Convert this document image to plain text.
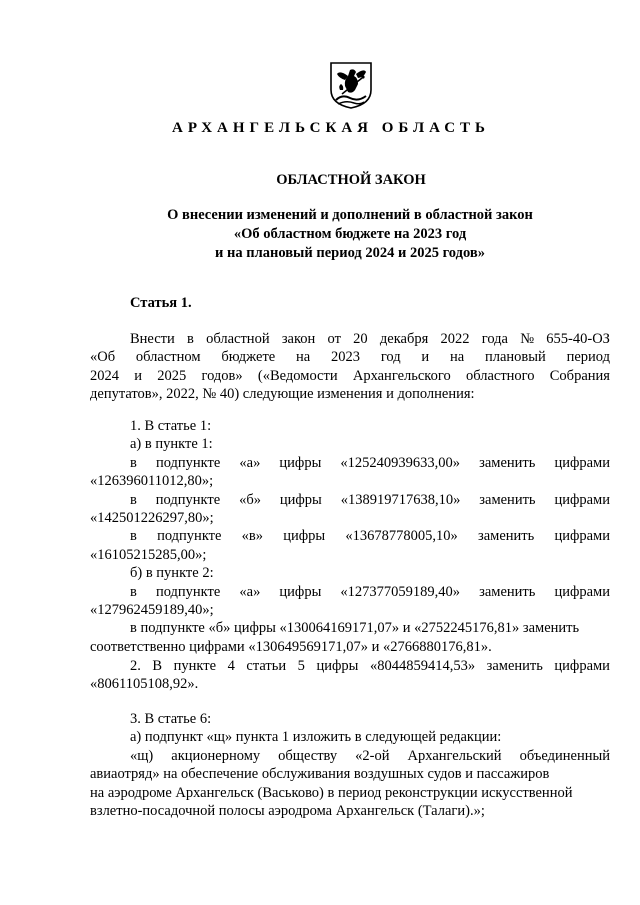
АРХАНГЕЛЬСКАЯ ОБЛАСТЬ
ОБЛАСТНОЙ ЗАКОН
О внесении изменений и дополнений в областной закон
«Об областном бюджете на 2023 год
и на плановый период 2024 и 2025 годов»
Статья 1.
Внести в областной закон от 20 декабря 2022 года № 655-40-ОЗ
«Об областном бюджете на 2023 год и на плановый период
2024 и 2025 годов» («Ведомости Архангельского областного Собрания
депутатов», 2022, № 40) следующие изменения и дополнения:
1. В статье 1:
а) в пункте 1:
в подпункте «а» цифры «125240939633,00» заменить цифрами
«126396011012,80»;
в подпункте «б» цифры «138919717638,10» заменить цифрами
«142501226297,80»;
в подпункте «в» цифры «13678778005,10» заменить цифрами
«16105215285,00»;
б) в пункте 2:
в подпункте «а» цифры «127377059189,40» заменить цифрами
«127962459189,40»;
в подпункте «б» цифры «130064169171,07» и «2752245176,81» заменить
соответственно цифрами «130649569171,07» и «2766880176,81».
2. В пункте 4 статьи 5 цифры «8044859414,53» заменить цифрами
«8061105108,92».
3. В статье 6:
а) подпункт «щ» пункта 1 изложить в следующей редакции:
«щ) акционерному обществу «2-ой Архангельский объединенный
авиаотряд» на обеспечение обслуживания воздушных судов и пассажиров
на аэродроме Архангельск (Васьково) в период реконструкции искусственной
взлетно-посадочной полосы аэродрома Архангельск (Талаги).»;
